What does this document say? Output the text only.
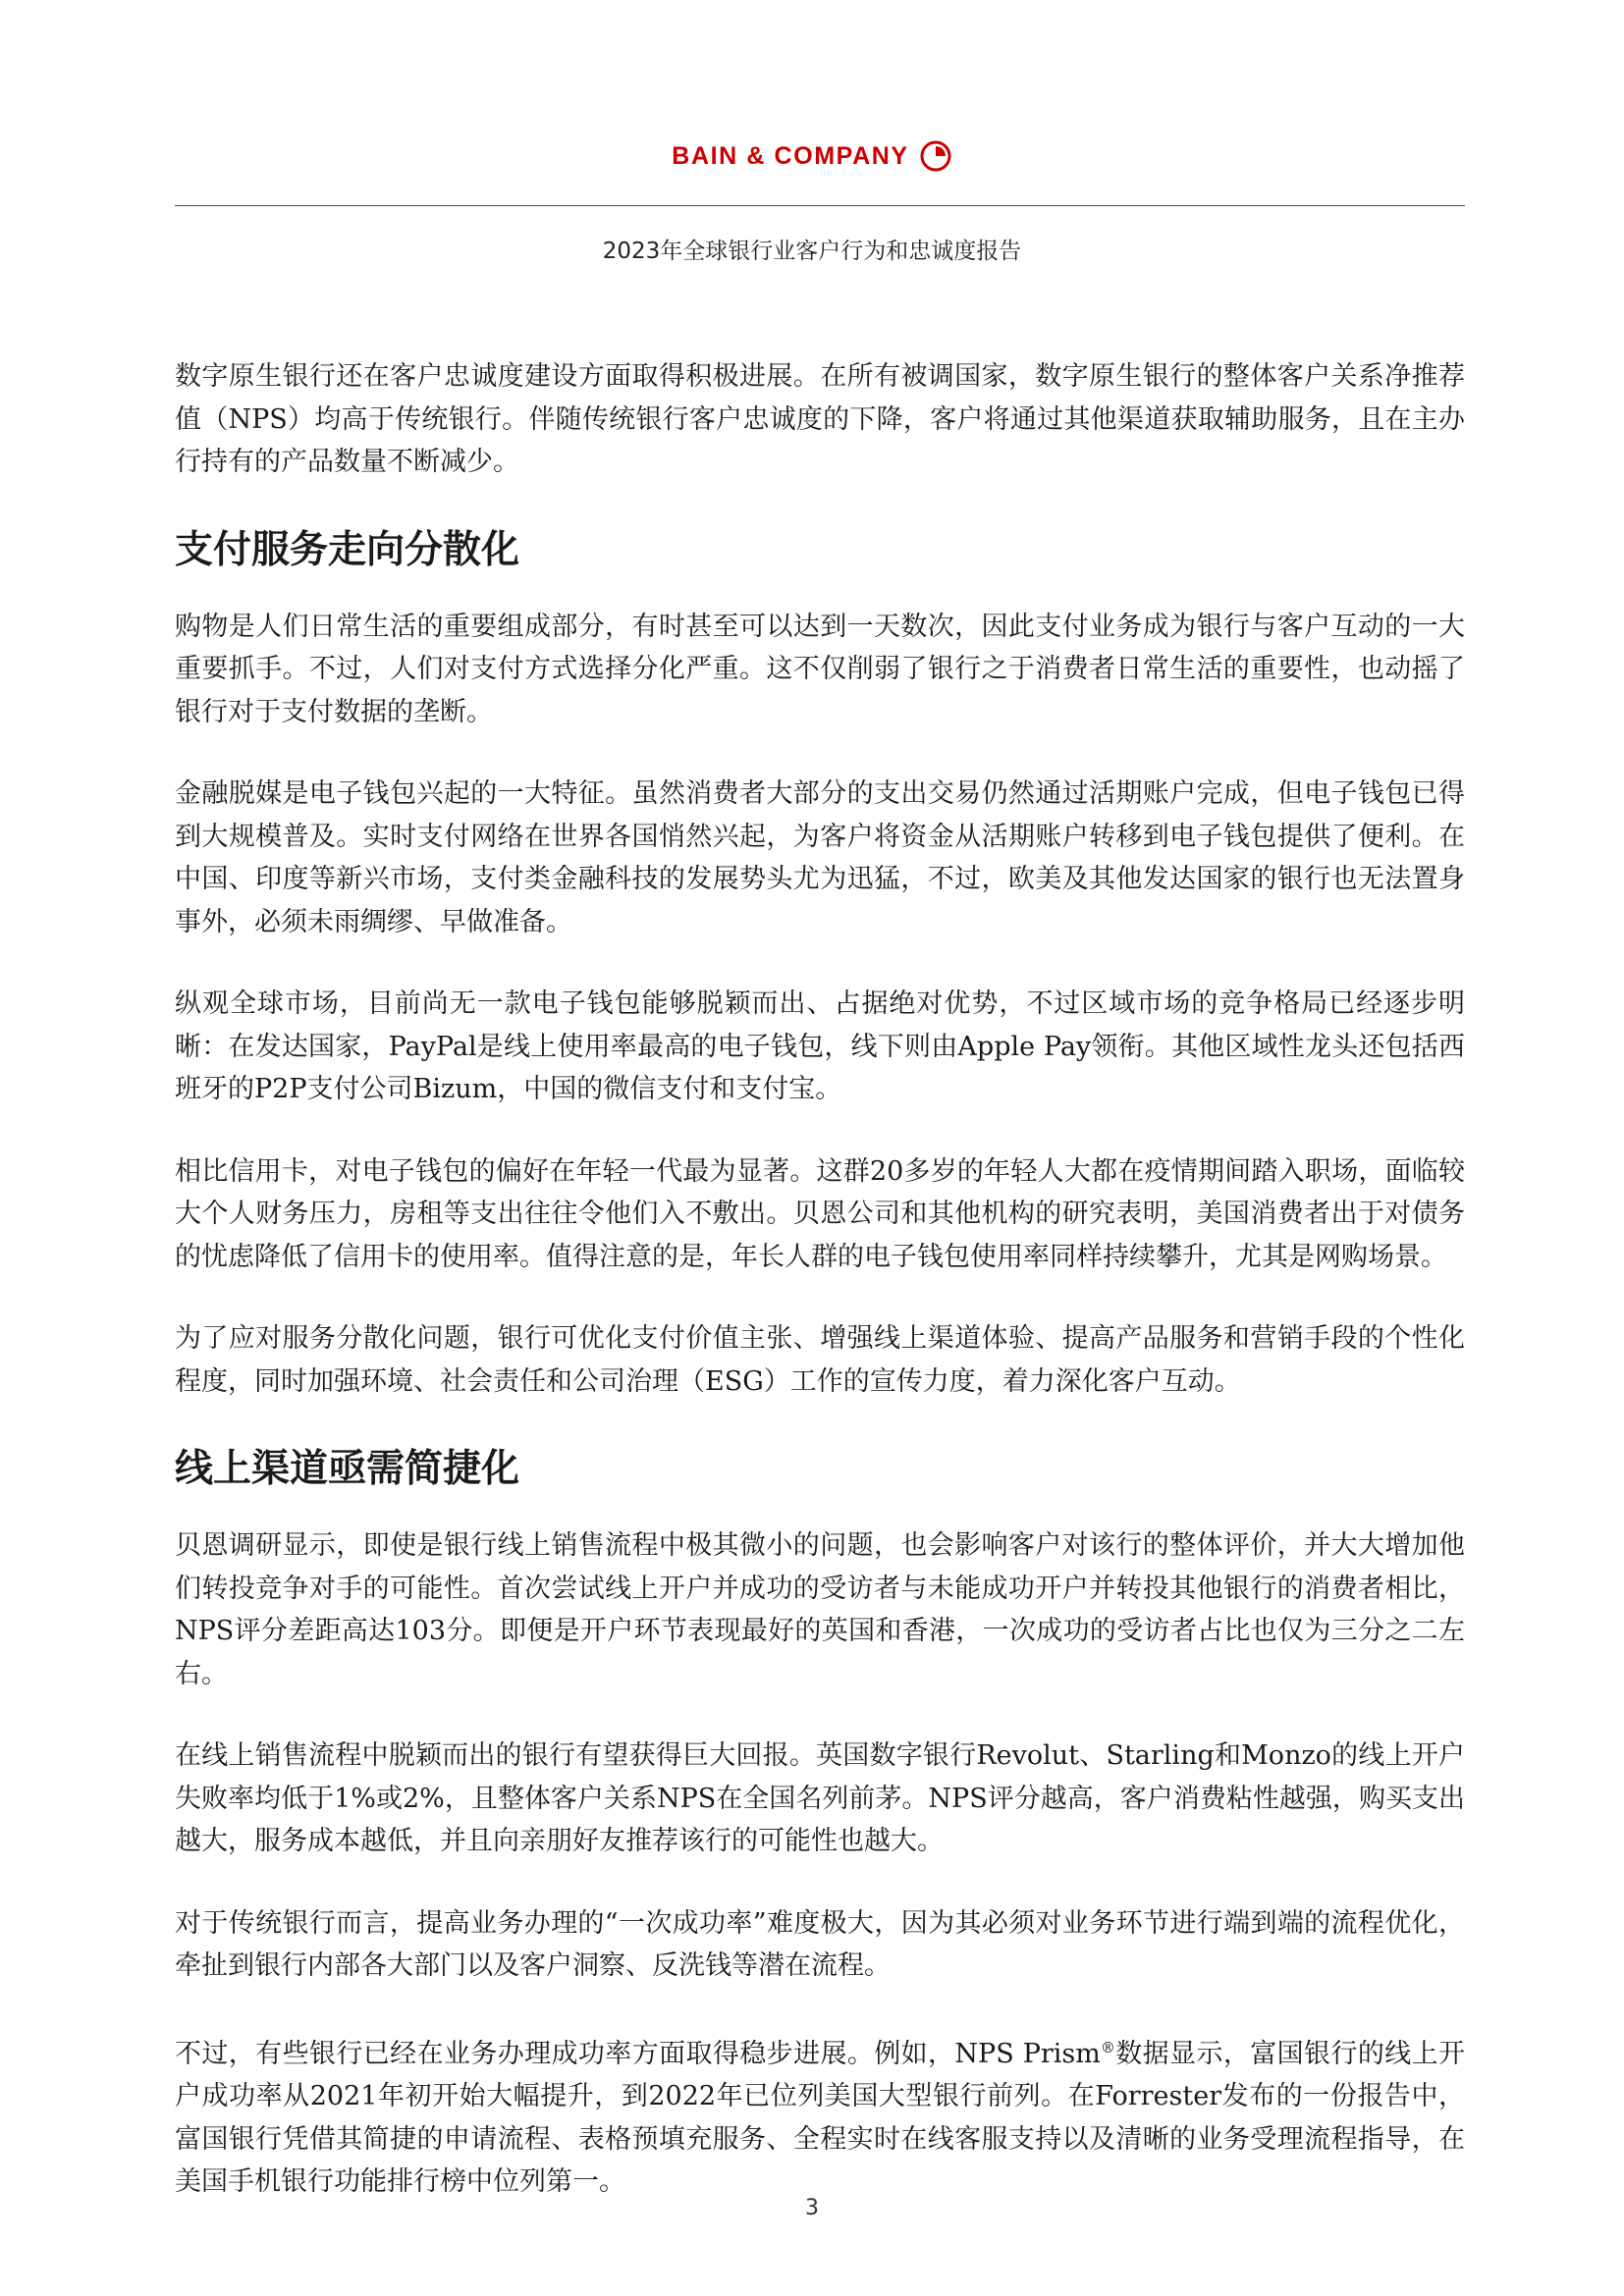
BAIN & COMPANY
2023年全球银行业客户行为和忠诚度报告

数字原生银行还在客户忠诚度建设方面取得积极进展。在所有被调国家，数字原生银行的整体客户关系净推荐值（NPS）均高于传统银行。伴随传统银行客户忠诚度的下降，客户将通过其他渠道获取辅助服务，且在主办行持有的产品数量不断减少。

支付服务走向分散化

购物是人们日常生活的重要组成部分，有时甚至可以达到一天数次，因此支付业务成为银行与客户互动的一大重要抓手。不过，人们对支付方式选择分化严重。这不仅削弱了银行之于消费者日常生活的重要性，也动摇了银行对于支付数据的垄断。

金融脱媒是电子钱包兴起的一大特征。虽然消费者大部分的支出交易仍然通过活期账户完成，但电子钱包已得到大规模普及。实时支付网络在世界各国悄然兴起，为客户将资金从活期账户转移到电子钱包提供了便利。在中国、印度等新兴市场，支付类金融科技的发展势头尤为迅猛，不过，欧美及其他发达国家的银行也无法置身事外，必须未雨绸缪、早做准备。

纵观全球市场，目前尚无一款电子钱包能够脱颖而出、占据绝对优势，不过区域市场的竞争格局已经逐步明晰：在发达国家，PayPal是线上使用率最高的电子钱包，线下则由Apple Pay领衔。其他区域性龙头还包括西班牙的P2P支付公司Bizum，中国的微信支付和支付宝。

相比信用卡，对电子钱包的偏好在年轻一代最为显著。这群20多岁的年轻人大都在疫情期间踏入职场，面临较大个人财务压力，房租等支出往往令他们入不敷出。贝恩公司和其他机构的研究表明，美国消费者出于对债务的忧虑降低了信用卡的使用率。值得注意的是，年长人群的电子钱包使用率同样持续攀升，尤其是网购场景。

为了应对服务分散化问题，银行可优化支付价值主张、增强线上渠道体验、提高产品服务和营销手段的个性化程度，同时加强环境、社会责任和公司治理（ESG）工作的宣传力度，着力深化客户互动。

线上渠道亟需简捷化

贝恩调研显示，即使是银行线上销售流程中极其微小的问题，也会影响客户对该行的整体评价，并大大增加他们转投竞争对手的可能性。首次尝试线上开户并成功的受访者与未能成功开户并转投其他银行的消费者相比，NPS评分差距高达103分。即便是开户环节表现最好的英国和香港，一次成功的受访者占比也仅为三分之二左右。

在线上销售流程中脱颖而出的银行有望获得巨大回报。英国数字银行Revolut、Starling和Monzo的线上开户失败率均低于1%或2%，且整体客户关系NPS在全国名列前茅。NPS评分越高，客户消费粘性越强，购买支出越大，服务成本越低，并且向亲朋好友推荐该行的可能性也越大。

对于传统银行而言，提高业务办理的“一次成功率”难度极大，因为其必须对业务环节进行端到端的流程优化，牵扯到银行内部各大部门以及客户洞察、反洗钱等潜在流程。

不过，有些银行已经在业务办理成功率方面取得稳步进展。例如，NPS Prism®数据显示，富国银行的线上开户成功率从2021年初开始大幅提升，到2022年已位列美国大型银行前列。在Forrester发布的一份报告中，富国银行凭借其简捷的申请流程、表格预填充服务、全程实时在线客服支持以及清晰的业务受理流程指导，在美国手机银行功能排行榜中位列第一。

3
